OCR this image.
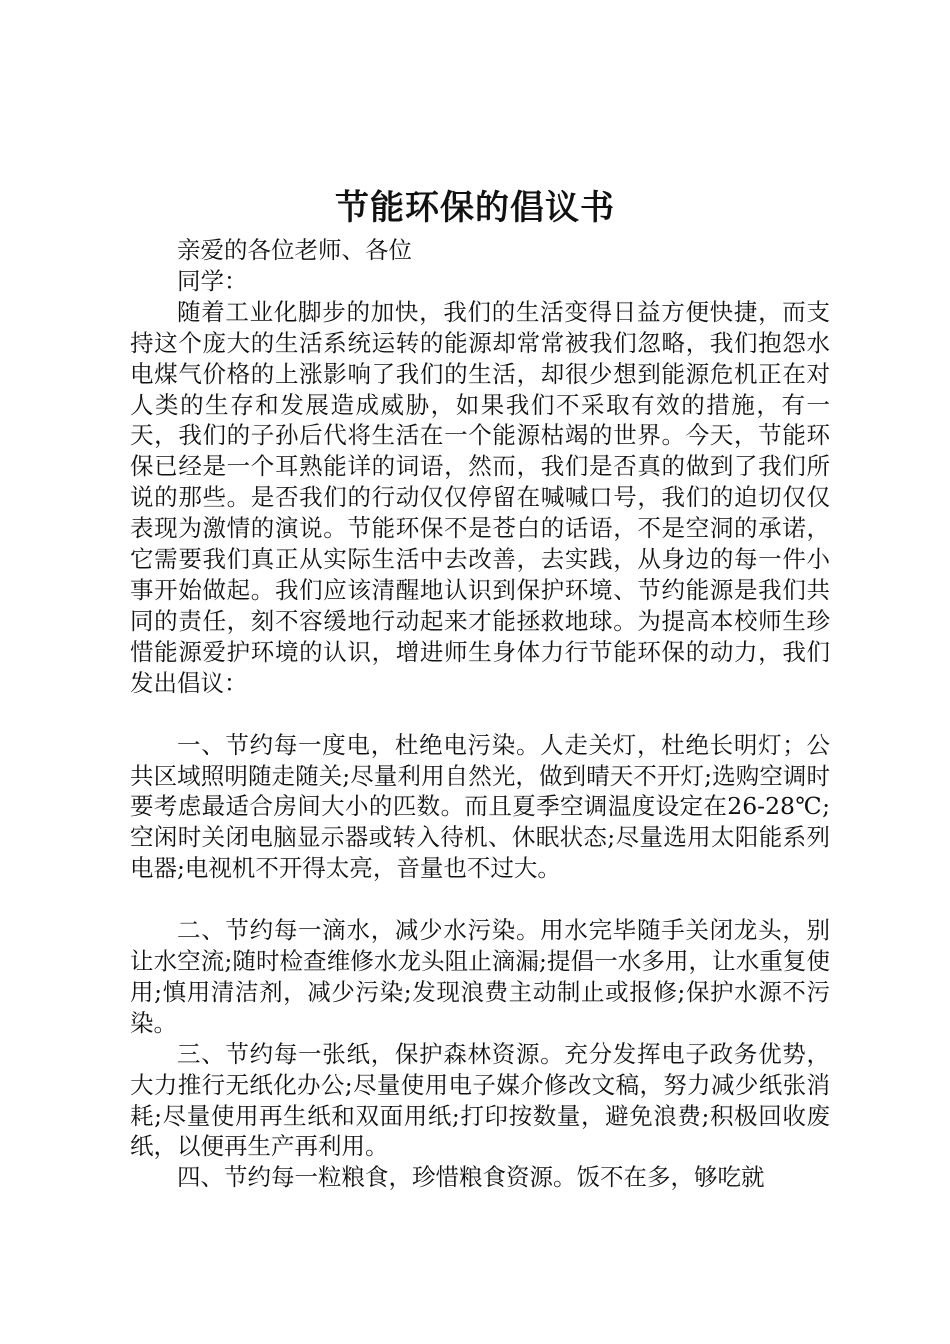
节能环保的倡议书

亲爱的各位老师、各位

同学：

随着工业化脚步的加快，我们的生活变得日益方便快捷，而支持这个庞大的生活系统运转的能源却常常被我们忽略，我们抱怨水电煤气价格的上涨影响了我们的生活，却很少想到能源危机正在对人类的生存和发展造成威胁，如果我们不采取有效的措施，有一天，我们的子孙后代将生活在一个能源枯竭的世界。今天，节能环保已经是一个耳熟能详的词语，然而，我们是否真的做到了我们所说的那些。是否我们的行动仅仅停留在喊喊口号，我们的迫切仅仅表现为激情的演说。节能环保不是苍白的话语，不是空洞的承诺，它需要我们真正从实际生活中去改善，去实践，从身边的每一件小事开始做起。我们应该清醒地认识到保护环境、节约能源是我们共同的责任，刻不容缓地行动起来才能拯救地球。为提高本校师生珍惜能源爱护环境的认识，增进师生身体力行节能环保的动力，我们发出倡议：

一、节约每一度电，杜绝电污染。人走关灯，杜绝长明灯；公共区域照明随走随关;尽量利用自然光，做到晴天不开灯;选购空调时要考虑最适合房间大小的匹数。而且夏季空调温度设定在26-28℃;空闲时关闭电脑显示器或转入待机、休眠状态;尽量选用太阳能系列电器;电视机不开得太亮，音量也不过大。

二、节约每一滴水，减少水污染。用水完毕随手关闭龙头，别让水空流;随时检查维修水龙头阻止滴漏;提倡一水多用，让水重复使用;慎用清洁剂，减少污染;发现浪费主动制止或报修;保护水源不污染。

三、节约每一张纸，保护森林资源。充分发挥电子政务优势，大力推行无纸化办公;尽量使用电子媒介修改文稿，努力减少纸张消耗;尽量使用再生纸和双面用纸;打印按数量，避免浪费;积极回收废纸，以便再生产再利用。

四、节约每一粒粮食，珍惜粮食资源。饭不在多，够吃就
